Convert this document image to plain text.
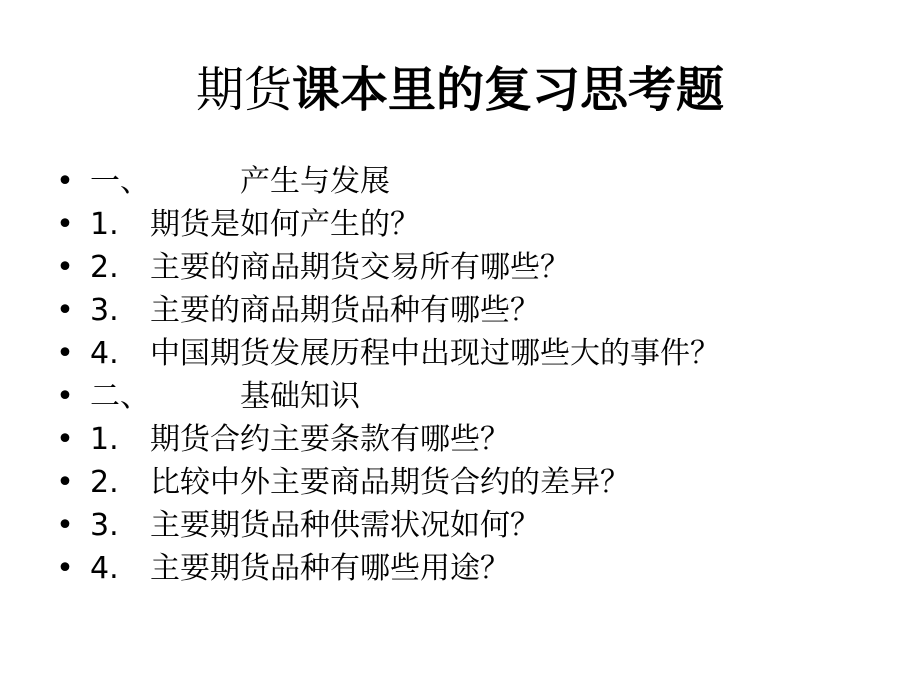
期货课本里的复习思考题
• 一、	产生与发展
• 1. 期货是如何产生的？
• 2. 主要的商品期货交易所有哪些？
• 3. 主要的商品期货品种有哪些？
• 4. 中国期货发展历程中出现过哪些大的事件？
• 二、	基础知识
• 1. 期货合约主要条款有哪些？
• 2. 比较中外主要商品期货合约的差异？
• 3. 主要期货品种供需状况如何？
• 4. 主要期货品种有哪些用途？
